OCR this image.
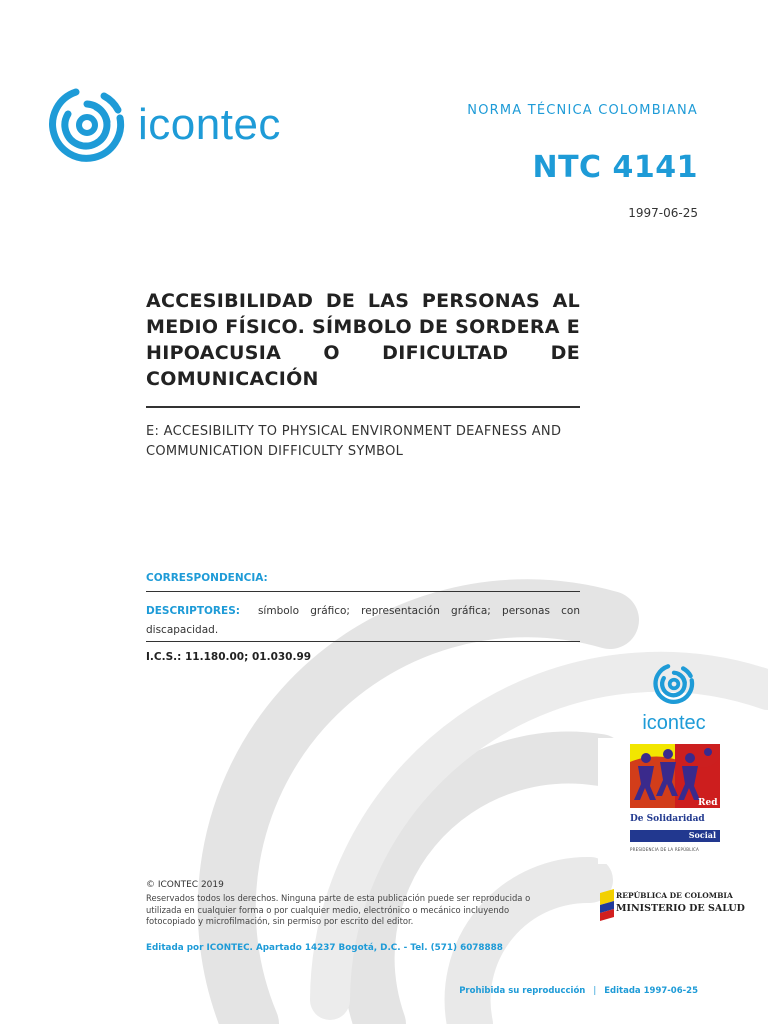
icontec	NORMA TÉCNICA COLOMBIANA
NTC 4141
1997-06-25
ACCESIBILIDAD DE LAS PERSONAS AL MEDIO FÍSICO. SÍMBOLO DE SORDERA E HIPOACUSIA O DIFICULTAD DE COMUNICACIÓN
E: ACCESIBILITY TO PHYSICAL ENVIRONMENT DEAFNESS AND COMMUNICATION DIFFICULTY SYMBOL
CORRESPONDENCIA:
DESCRIPTORES: símbolo gráfico; representación gráfica; personas con discapacidad.
I.C.S.: 11.180.00; 01.030.99
icontec
Red
De Solidaridad
Social
PRESIDENCIA DE LA REPÚBLICA
© ICONTEC 2019
Reservados todos los derechos. Ninguna parte de esta publicación puede ser reproducida o utilizada en cualquier forma o por cualquier medio, electrónico o mecánico incluyendo fotocopiado y microfilmación, sin permiso por escrito del editor.
Editada por ICONTEC. Apartado 14237 Bogotá, D.C. - Tel. (571) 6078888
REPÚBLICA DE COLOMBIA
MINISTERIO DE SALUD
Prohibida su reproducción | Editada 1997-06-25
